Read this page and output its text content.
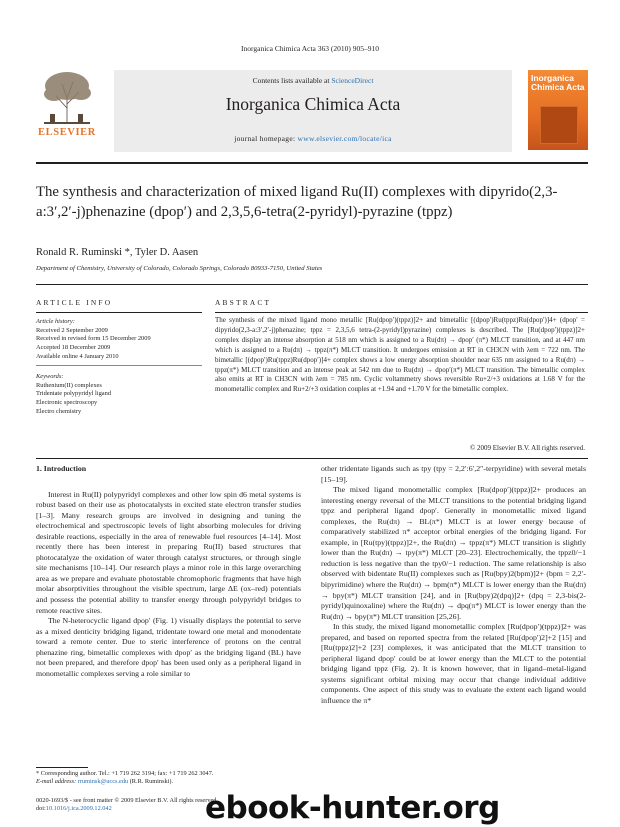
Inorganica Chimica Acta 363 (2010) 905–910
ELSEVIER
Contents lists available at ScienceDirect
Inorganica Chimica Acta
journal homepage: www.elsevier.com/locate/ica
Inorganica Chimica Acta
The synthesis and characterization of mixed ligand Ru(II) complexes with dipyrido(2,3-a:3′,2′-j)phenazine (dpop′) and 2,3,5,6-tetra(2-pyridyl)-pyrazine (tppz)
Ronald R. Ruminski *, Tyler D. Aasen
Department of Chemistry, University of Colorado, Colorado Springs, Colorado 80933-7150, United States
ARTICLE INFO
Article history:
Received 2 September 2009
Received in revised form 15 December 2009
Accepted 18 December 2009
Available online 4 January 2010
Keywords:
Ruthenium(II) complexes
Tridentate polypyridyl ligand
Electronic spectroscopy
Electro chemistry
ABSTRACT
The synthesis of the mixed ligand mono metallic [Ru(dpop′)(tppz)]2+ and bimetallic [(dpop′)Ru(tppz)Ru(dpop′)]4+ (dpop′ = dipyrido(2,3-a:3′,2′-j)phenazine; tppz = 2,3,5,6 tetra-(2-pyridyl)pyrazine) complexes is described. The [Ru(dpop′)(tppz)]2+ complex display an intense absorption at 518 nm which is assigned to a Ru(dπ) → dpop′ (π*) MLCT transition, and at 447 nm which is assigned to a Ru(dπ) → tppz(π*) MLCT transition. It undergoes emission at RT in CH3CN with λem = 722 nm. The bimetallic [(dpop′)Ru(tppz)Ru(dpop′)]4+ complex shows a low energy absorption shoulder near 635 nm assigned to a Ru(dπ) → tppz(π*) MLCT transition and an intense peak at 542 nm due to Ru(dπ) → dpop′(π*) MLCT transition. The bimetallic complex also emits at RT in CH3CN with λem = 785 nm. Cyclic voltammetry shows reversible Ru+2/+3 oxidations at 1.68 V for the monometallic complex and Ru+2/+3 oxidation couples at +1.94 and +1.70 V for the bimetallic complex.
© 2009 Elsevier B.V. All rights reserved.

1. Introduction

Interest in Ru(II) polypyridyl complexes and other low spin d6 metal systems is robust based on their use as photocatalysts in excited state electron transfer studies [1–3]. Many research groups are involved in designing and tuning the electrochemical and spectroscopic levels of light absorbing molecules for driving desirable reactions, especially in the area of renewable fuel resources [4–14]. Most recently there has been interest in preparing Ru(II) based structures that photocatalyze the oxidation of water through catalyst structures, or through single site mechanisms [10–14]. Our research plays a minor role in this large overarching area as we prepare and evaluate photostable chromophoric fragments that have high molar absorptivities throughout the visible spectrum, large ΔE (ox–red) potentials and possess the potential ability to transfer energy through polypyridyl bridges to remote reactive sites.

The N-heterocyclic ligand dpop′ (Fig. 1) visually displays the potential to serve as a mixed denticity bridging ligand, tridentate toward one metal and monodentate toward a remote center. Due to steric interference of protons on the central phenazine ring, bimetallic complexes with dpop′ as the bridging ligand (BL) have not been prepared, and therefore dpop′ has been used only as a peripheral ligand in monometallic complexes serving a role similar to

other tridentate ligands such as tpy (tpy = 2,2′:6′,2″-terpyridine) with several metals [15–19].

The mixed ligand monometallic complex [Ru(dpop′)(tppz)]2+ produces an interesting energy reversal of the MLCT transitions to the potential bridging ligand tppz and peripheral ligand dpop′. Generally in monometallic mixed ligand complexes, the Ru(dπ) → BL(π*) MLCT is at lower energy because of comparatively stabilized π* acceptor orbital energies of the bridging ligand. For example, in [Ru(tpy)(tppz)]2+, the Ru(dπ) → tppz(π*) MLCT transition is slightly lower than the Ru(dπ) → tpy(π*) MLCT [20–23]. Electrochemically, the tppz0/−1 reduction is less negative than the tpy0/−1 reduction. The same relationship is also observed with bidentate Ru(II) complexes such as [Ru(bpy)2(bpm)]2+ (bpm = 2,2′-bipyrimidine) where the Ru(dπ) → bpm(π*) MLCT is lower energy than the Ru(dπ) → bpy(π*) MLCT transition [24], and in [Ru(bpy)2(dpq)]2+ (dpq = 2,3-bis(2-pyridyl)quinoxaline) where the Ru(dπ) → dpq(π*) MLCT is lower energy than the Ru(dπ) → bpy(π*) MLCT transition [25,26].

In this study, the mixed ligand monometallic complex [Ru(dpop′)(tppz)]2+ was prepared, and based on reported spectra from the related [Ru(dpop′)2]+2 [15] and [Ru(tppz)2]+2 [23] complexes, it was anticipated that the MLCT transition to peripheral ligand dpop′ could be at lower energy than the MLCT to the potential bridging ligand tppz (Fig. 2). It is known however, that in ligand–metal-ligand systems significant orbital mixing may occur that change individual additive components. One aspect of this study was to evaluate the extent each ligand would influence the π*

* Corresponding author. Tel.: +1 719 262 3194; fax: +1 719 262 3047.
E-mail address: rruminsk@uccs.edu (R.R. Ruminski).
0020-1693/$ - see front matter © 2009 Elsevier B.V. All rights reserved.
doi:10.1016/j.ica.2009.12.042	ebook-hunter.org
